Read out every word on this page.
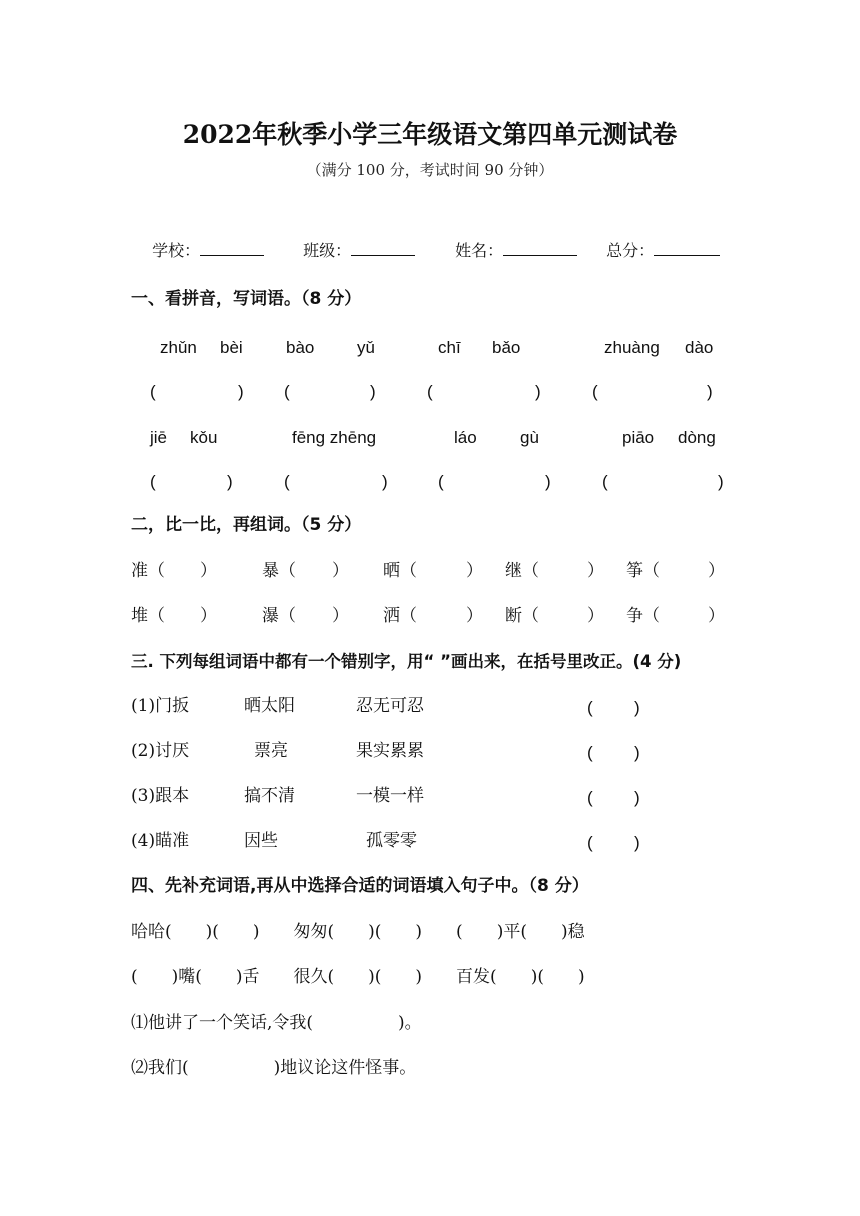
2022年秋季小学三年级语文第四单元测试卷
（满分 100 分，考试时间 90 分钟）

学校：	班级：	姓名：	总分：

一、看拼音，写词语。（8 分）
zhǔn bèi	bào	yǔ	chī bǎo	zhuàng dào
(	) (	)	(	)	(	)
jiē kǒu	fēng zhēng	láo	gù	piāo dòng
(	)	(	)	(	)	(	)
二，比一比，再组词。（5 分）
准（ ）	暴（ ） 晒（	） 继（	） 筝（	）
堆（ ）	瀑（ ） 洒（	） 断（	） 争（	）
三. 下列每组词语中都有一个错别字，用“ ”画出来，在括号里改正。(4 分)
(1)门扳	晒太阳	忍无可忍	( )
(2)讨厌	票亮	果实累累	( )
(3)跟本	搞不清	一模一样	( )
(4)瞄准	因些	孤零零	( )
四、先补充词语,再从中选择合适的词语填入句子中。（8 分）
哈哈(　　)(　　)　　匆匆(　　)(　　)　　(　　)平(　　)稳
(　　)嘴(　　)舌　　很久(　　)(　　)　　百发(　　)(　　)
⑴他讲了一个笑话,令我(　　　　　)。
⑵我们(　　　　　)地议论这件怪事。
